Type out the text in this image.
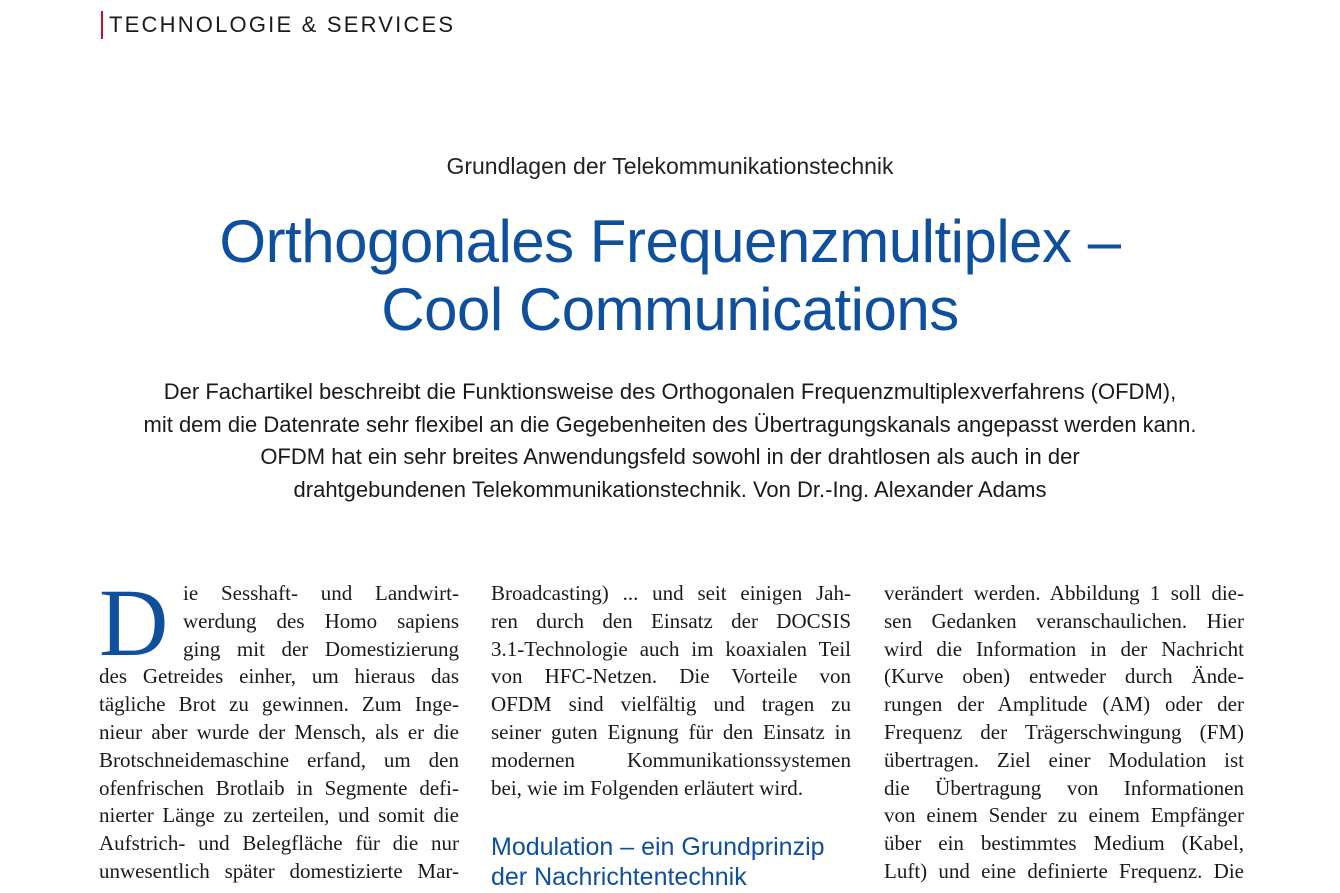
TECHNOLOGIE & SERVICES
Grundlagen der Telekommunikationstechnik
Orthogonales Frequenzmultiplex –
Cool Communications
Der Fachartikel beschreibt die Funktionsweise des Orthogonalen Frequenzmultiplexverfahrens (OFDM),
mit dem die Datenrate sehr flexibel an die Gegebenheiten des Übertragungskanals angepasst werden kann.
OFDM hat ein sehr breites Anwendungsfeld sowohl in der drahtlosen als auch in der
drahtgebundenen Telekommunikationstechnik. Von Dr.-Ing. Alexander Adams
D ie Sesshaft- und Landwirt-
werdung des Homo sapiens
ging mit der Domestizierung
des Getreides einher, um hieraus das
tägliche Brot zu gewinnen. Zum Inge-
nieur aber wurde der Mensch, als er die
Brotschneidemaschine erfand, um den
ofenfrischen Brotlaib in Segmente defi-
nierter Länge zu zerteilen, und somit die
Aufstrich- und Belegfläche für die nur
unwesentlich später domestizierte Mar-
Broadcasting) ... und seit einigen Jah-
ren durch den Einsatz der DOCSIS
3.1-Technologie auch im koaxialen Teil
von HFC-Netzen. Die Vorteile von
OFDM sind vielfältig und tragen zu
seiner guten Eignung für den Einsatz in
modernen Kommunikationssystemen
bei, wie im Folgenden erläutert wird.
Modulation – ein Grundprinzip
der Nachrichtentechnik
verändert werden. Abbildung 1 soll die-
sen Gedanken veranschaulichen. Hier
wird die Information in der Nachricht
(Kurve oben) entweder durch Ände-
rungen der Amplitude (AM) oder der
Frequenz der Trägerschwingung (FM)
übertragen. Ziel einer Modulation ist
die Übertragung von Informationen
von einem Sender zu einem Empfänger
über ein bestimmtes Medium (Kabel,
Luft) und eine definierte Frequenz. Die
